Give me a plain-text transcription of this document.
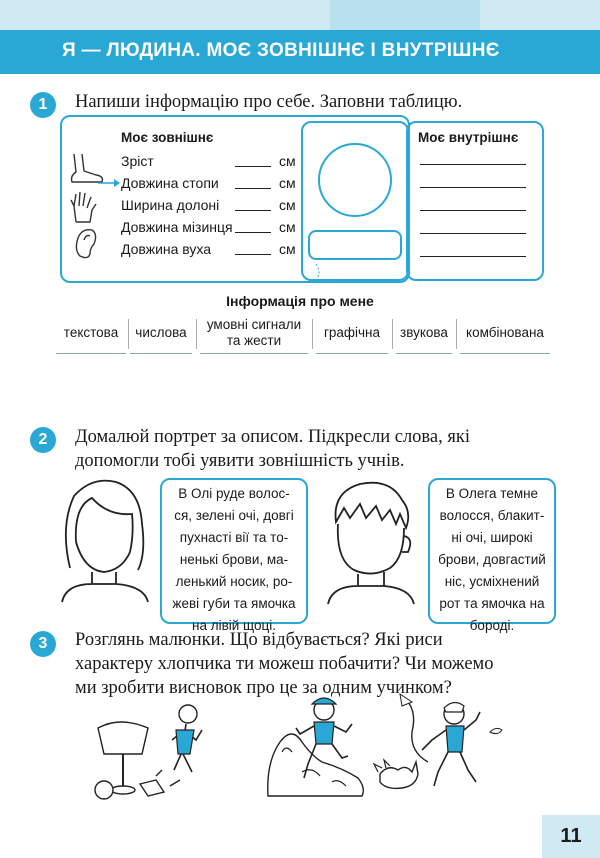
Я — ЛЮДИНА. МОЄ ЗОВНІШНЄ І ВНУТРІШНЄ
1	Напиши інформацію про себе. Заповни таблицю.
Моє зовнішнє
Зріст	см
Довжина стопи	см
Ширина долоні	см
Довжина мізинця	см
Довжина вуха	см
Моє внутрішнє
Інформація про мене
текстова	числова
умовні сигнали та жести
графічна	звукова	комбінована
2	Домалюй портрет за описом. Підкресли слова, які
допомогли тобі уявити зовнішність учнів.
В Олі руде волос-
ся, зелені очі, довгі
пухнасті вії та то-
ненькі брови, ма-
ленький носик, ро-
жеві губи та ямочка
на лівій щоці.
В Олега темне
волосся, блакит-
ні очі, широкі
брови, довгастий
ніс, усміхнений
рот та ямочка на
бороді.
3	Розглянь малюнки. Що відбувається? Які риси
характеру хлопчика ти можеш побачити? Чи можемо
ми зробити висновок про це за одним учинком?
11
